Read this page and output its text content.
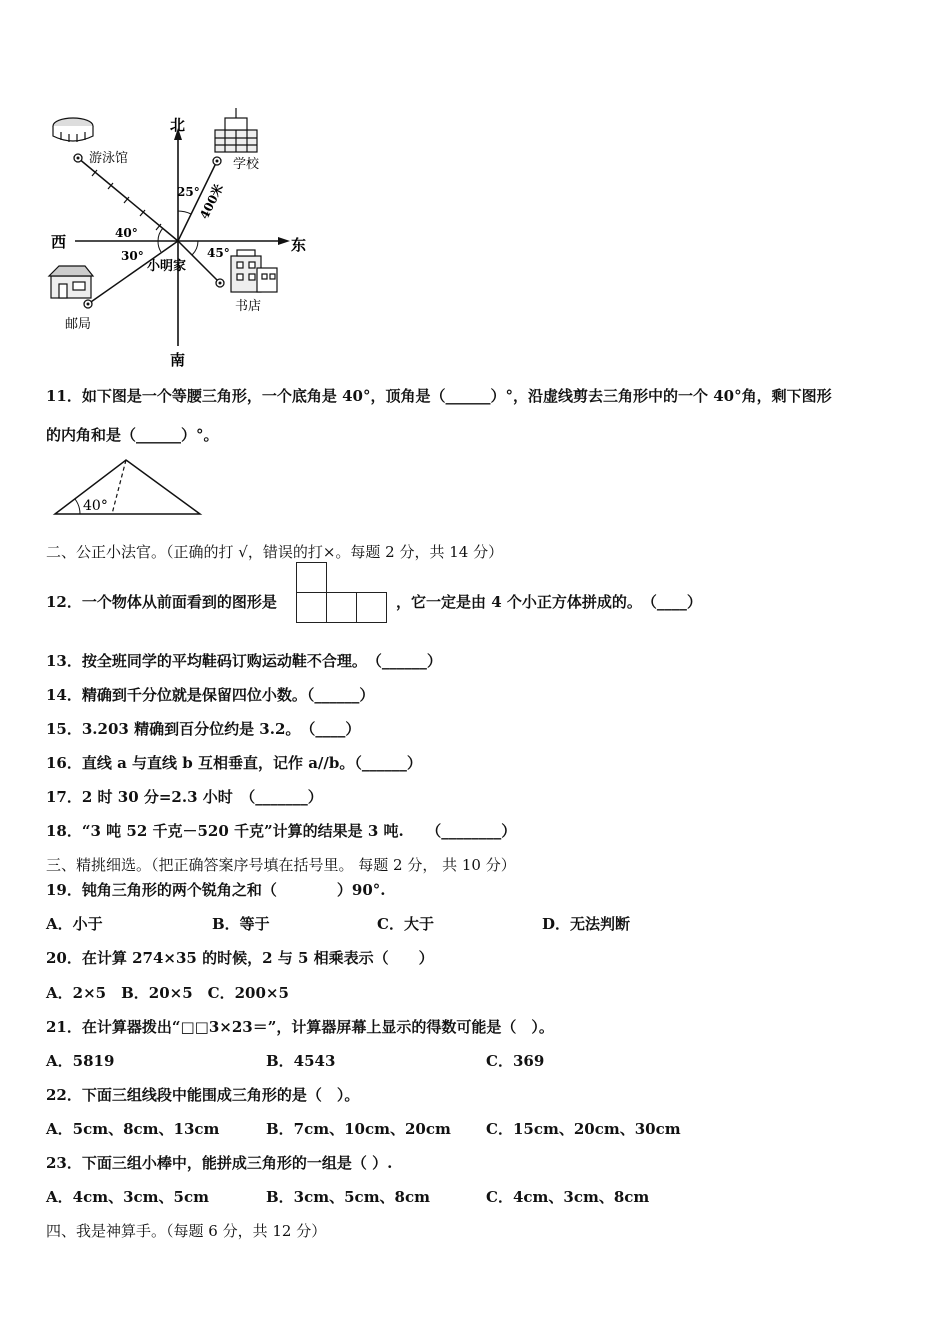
北
南
西	东
游泳馆	学校
400米
邮局
书店
25°
40°
30°	45°
小明家
11．如下图是一个等腰三角形，一个底角是 40°，顶角是（______）°，沿虚线剪去三角形中的一个 40°角，剩下图形
的内角和是（______）°。
40°
二、公正小法官。（正确的打 √，错误的打×。每题 2 分，共 14 分）
12．一个物体从前面看到的图形是	，它一定是由 4 个小正方体拼成的。　（____）
13．按全班同学的平均鞋码订购运动鞋不合理。　（______）
14．精确到千分位就是保留四位小数。（______）
15．3.203 精确到百分位约是 3.2。　（____）
16．直线 a 与直线 b 互相垂直，记作 a//b。（______）
17．2 时 30 分=2.3 小时　（_______）
18．“3 吨 52 千克－520 千克”计算的结果是 3 吨.　　（________）
三、精挑细选。（把正确答案序号填在括号里。 每题 2 分， 共 10 分）
19．钝角三角形的两个锐角之和（　　　　）90°.
A．小于	B．等于	C．大于	D．无法判断
20．在计算 274×35 的时候，2 与 5 相乘表示（　　）
A．2×5　B．20×5　C．200×5
21．在计算器拨出“□□3×23＝”，计算器屏幕上显示的得数可能是（　）。
A．5819	B．4543	C．369
22．下面三组线段中能围成三角形的是（　）。
A．5cm、8cm、13cm	B．7cm、10cm、20cm C．15cm、20cm、30cm
23．下面三组小棒中，能拼成三角形的一组是（ ）.
A．4cm、3cm、5cm	B．3cm、5cm、8cm	C．4cm、3cm、8cm
四、我是神算手。（每题 6 分，共 12 分）
